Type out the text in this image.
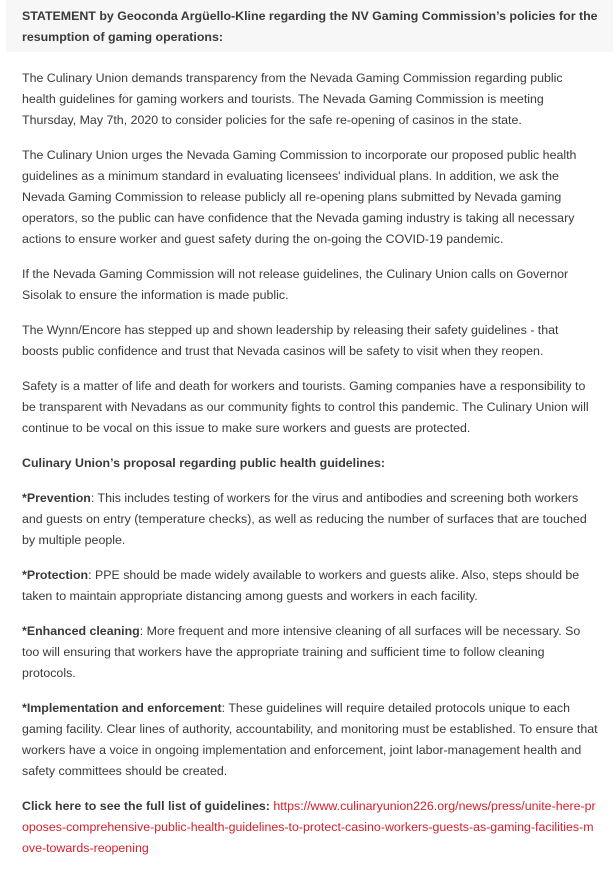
STATEMENT by Geoconda Argüello-Kline regarding the NV Gaming Commission’s policies for the resumption of gaming operations:

The Culinary Union demands transparency from the Nevada Gaming Commission regarding public health guidelines for gaming workers and tourists. The Nevada Gaming Commission is meeting Thursday, May 7th, 2020 to consider policies for the safe re-opening of casinos in the state.

The Culinary Union urges the Nevada Gaming Commission to incorporate our proposed public health guidelines as a minimum standard in evaluating licensees' individual plans. In addition, we ask the Nevada Gaming Commission to release publicly all re-opening plans submitted by Nevada gaming operators, so the public can have confidence that the Nevada gaming industry is taking all necessary actions to ensure worker and guest safety during the on-going the COVID-19 pandemic.

If the Nevada Gaming Commission will not release guidelines, the Culinary Union calls on Governor Sisolak to ensure the information is made public.

The Wynn/Encore has stepped up and shown leadership by releasing their safety guidelines - that boosts public confidence and trust that Nevada casinos will be safety to visit when they reopen.

Safety is a matter of life and death for workers and tourists. Gaming companies have a responsibility to be transparent with Nevadans as our community fights to control this pandemic. The Culinary Union will continue to be vocal on this issue to make sure workers and guests are protected.

Culinary Union’s proposal regarding public health guidelines:

*Prevention: This includes testing of workers for the virus and antibodies and screening both workers and guests on entry (temperature checks), as well as reducing the number of surfaces that are touched by multiple people.

*Protection: PPE should be made widely available to workers and guests alike. Also, steps should be taken to maintain appropriate distancing among guests and workers in each facility.

*Enhanced cleaning: More frequent and more intensive cleaning of all surfaces will be necessary. So too will ensuring that workers have the appropriate training and sufficient time to follow cleaning protocols.

*Implementation and enforcement: These guidelines will require detailed protocols unique to each gaming facility. Clear lines of authority, accountability, and monitoring must be established. To ensure that workers have a voice in ongoing implementation and enforcement, joint labor-management health and safety committees should be created.

Click here to see the full list of guidelines: https://www.culinaryunion226.org/news/press/unite-here-proposes-comprehensive-public-health-guidelines-to-protect-casino-workers-guests-as-gaming-facilities-move-towards-reopening
